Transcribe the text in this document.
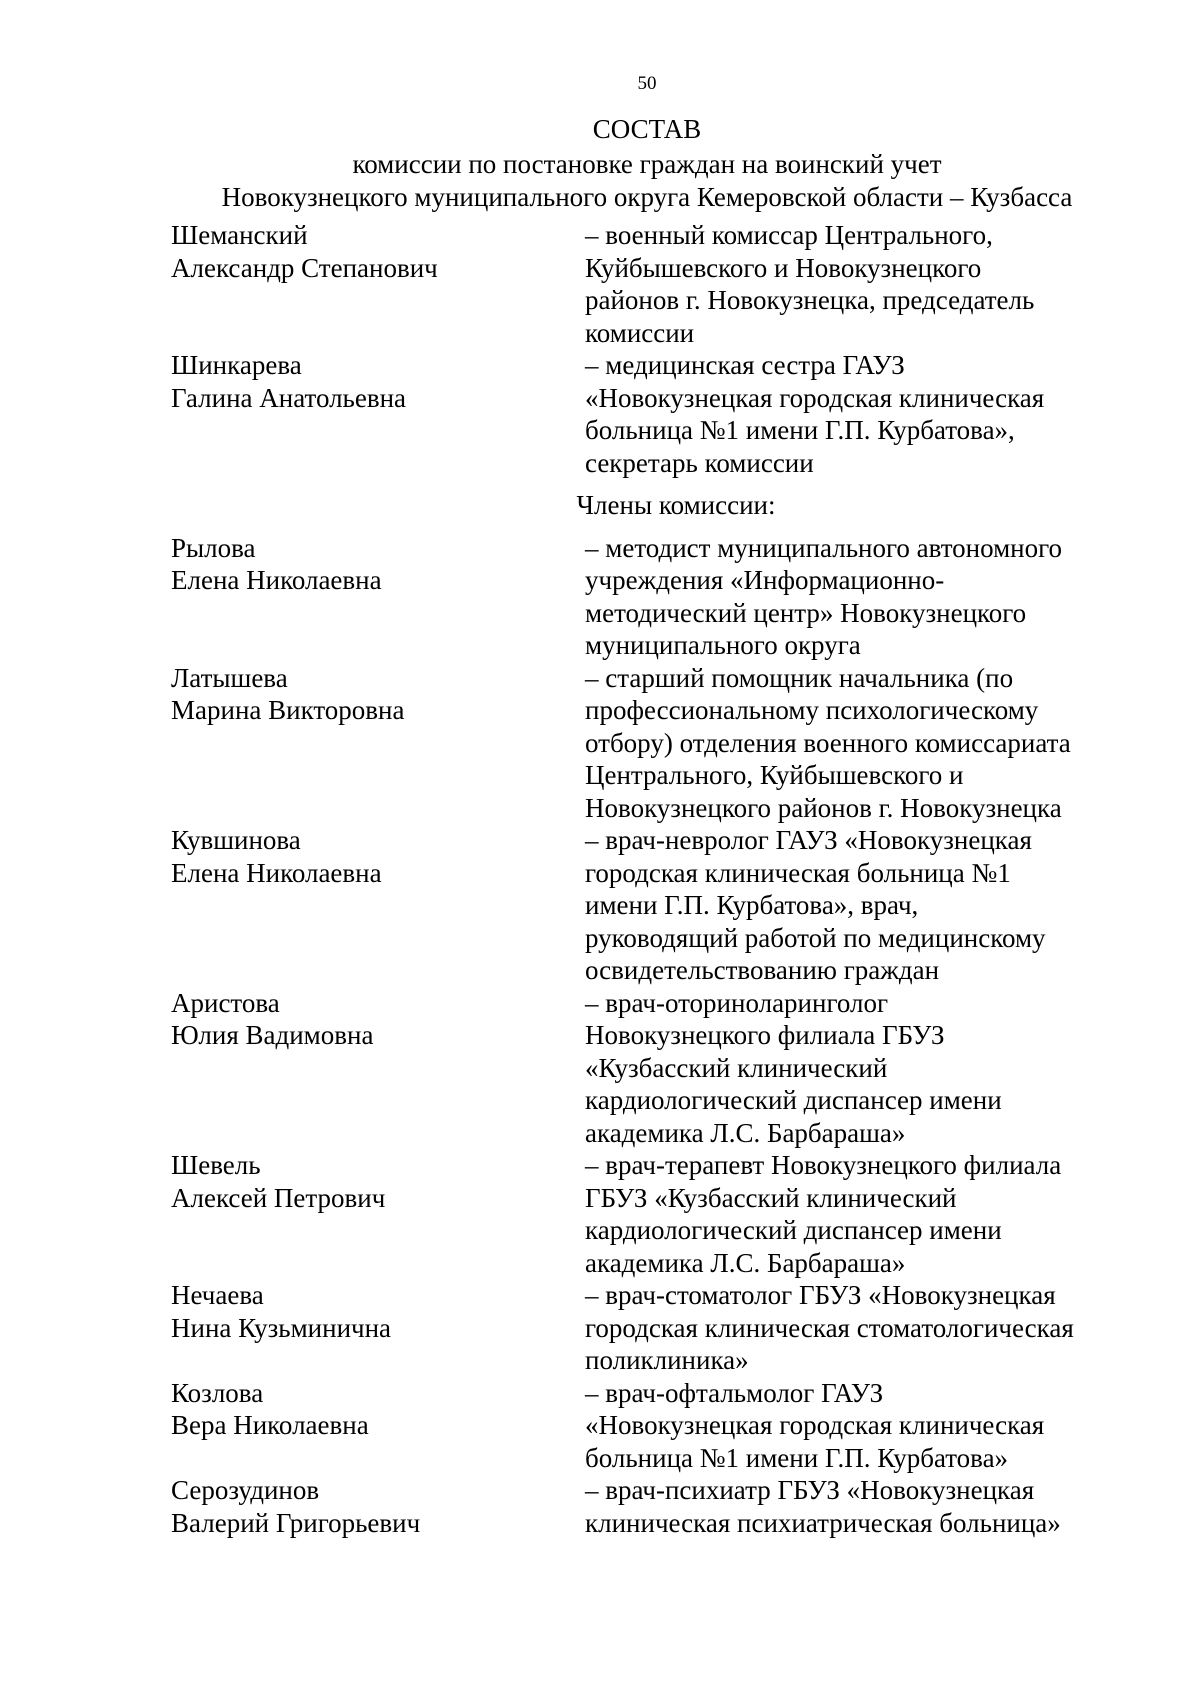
50
СОСТАВ
комиссии по постановке граждан на воинский учет
Новокузнецкого муниципального округа Кемеровской области – Кузбасса
Шеманский
Александр Степанович
– военный комиссар Центрального,
Куйбышевского и Новокузнецкого
районов г. Новокузнецка, председатель
комиссии
Шинкарева
Галина Анатольевна
– медицинская сестра ГАУЗ
«Новокузнецкая городская клиническая
больница №1 имени Г.П. Курбатова»,
секретарь комиссии
Члены комиссии:
Рылова
Елена Николаевна
– методист муниципального автономного
учреждения «Информационно-
методический центр» Новокузнецкого
муниципального округа
Латышева
Марина Викторовна
– старший помощник начальника (по
профессиональному психологическому
отбору) отделения военного комиссариата
Центрального, Куйбышевского и
Новокузнецкого районов г. Новокузнецка
Кувшинова
Елена Николаевна
– врач-невролог ГАУЗ «Новокузнецкая
городская клиническая больница №1
имени Г.П. Курбатова», врач,
руководящий работой по медицинскому
освидетельствованию граждан
Аристова
Юлия Вадимовна
– врач-оториноларинголог
Новокузнецкого филиала ГБУЗ
«Кузбасский клинический
кардиологический диспансер имени
академика Л.С. Барбараша»
Шевель
Алексей Петрович
– врач-терапевт Новокузнецкого филиала
ГБУЗ «Кузбасский клинический
кардиологический диспансер имени
академика Л.С. Барбараша»
Нечаева
Нина Кузьминична
– врач-стоматолог ГБУЗ «Новокузнецкая
городская клиническая стоматологическая
поликлиника»
Козлова
Вера Николаевна
– врач-офтальмолог ГАУЗ
«Новокузнецкая городская клиническая
больница №1 имени Г.П. Курбатова»
Серозудинов
Валерий Григорьевич
– врач-психиатр ГБУЗ «Новокузнецкая
клиническая психиатрическая больница»
